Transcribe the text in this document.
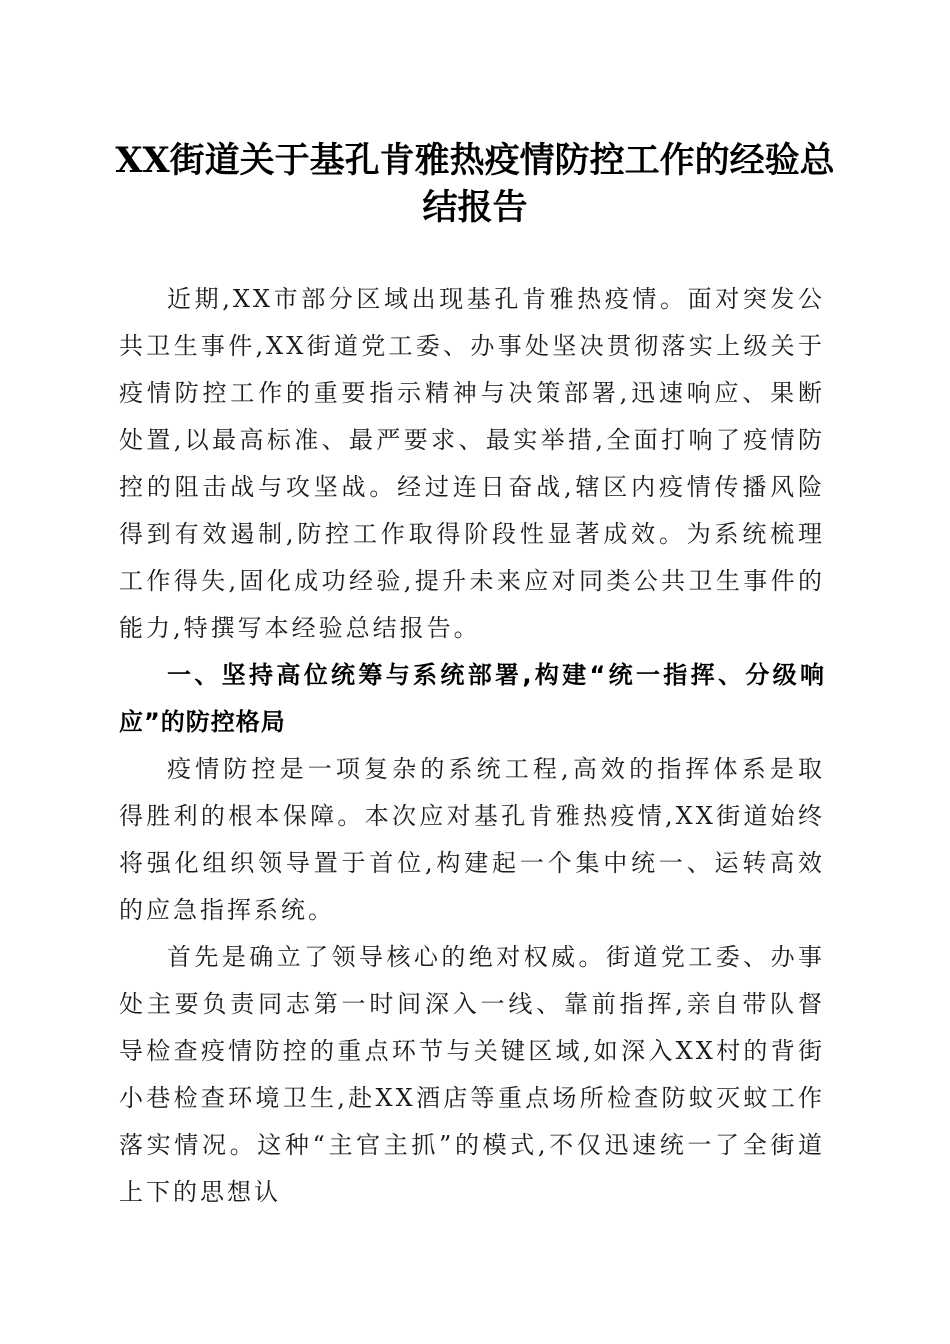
XX街道关于基孔肯雅热疫情防控工作的经验总结报告

近期,XX市部分区域出现基孔肯雅热疫情。面对突发公共卫生事件,XX街道党工委、办事处坚决贯彻落实上级关于疫情防控工作的重要指示精神与决策部署,迅速响应、果断处置,以最高标准、最严要求、最实举措,全面打响了疫情防控的阻击战与攻坚战。经过连日奋战,辖区内疫情传播风险得到有效遏制,防控工作取得阶段性显著成效。为系统梳理工作得失,固化成功经验,提升未来应对同类公共卫生事件的能力,特撰写本经验总结报告。

一、坚持高位统筹与系统部署,构建“统一指挥、分级响应”的防控格局

疫情防控是一项复杂的系统工程,高效的指挥体系是取得胜利的根本保障。本次应对基孔肯雅热疫情,XX街道始终将强化组织领导置于首位,构建起一个集中统一、运转高效的应急指挥系统。

首先是确立了领导核心的绝对权威。街道党工委、办事处主要负责同志第一时间深入一线、靠前指挥,亲自带队督导检查疫情防控的重点环节与关键区域,如深入XX村的背街小巷检查环境卫生,赴XX酒店等重点场所检查防蚊灭蚊工作落实情况。这种“主官主抓”的模式,不仅迅速统一了全街道上下的思想认
